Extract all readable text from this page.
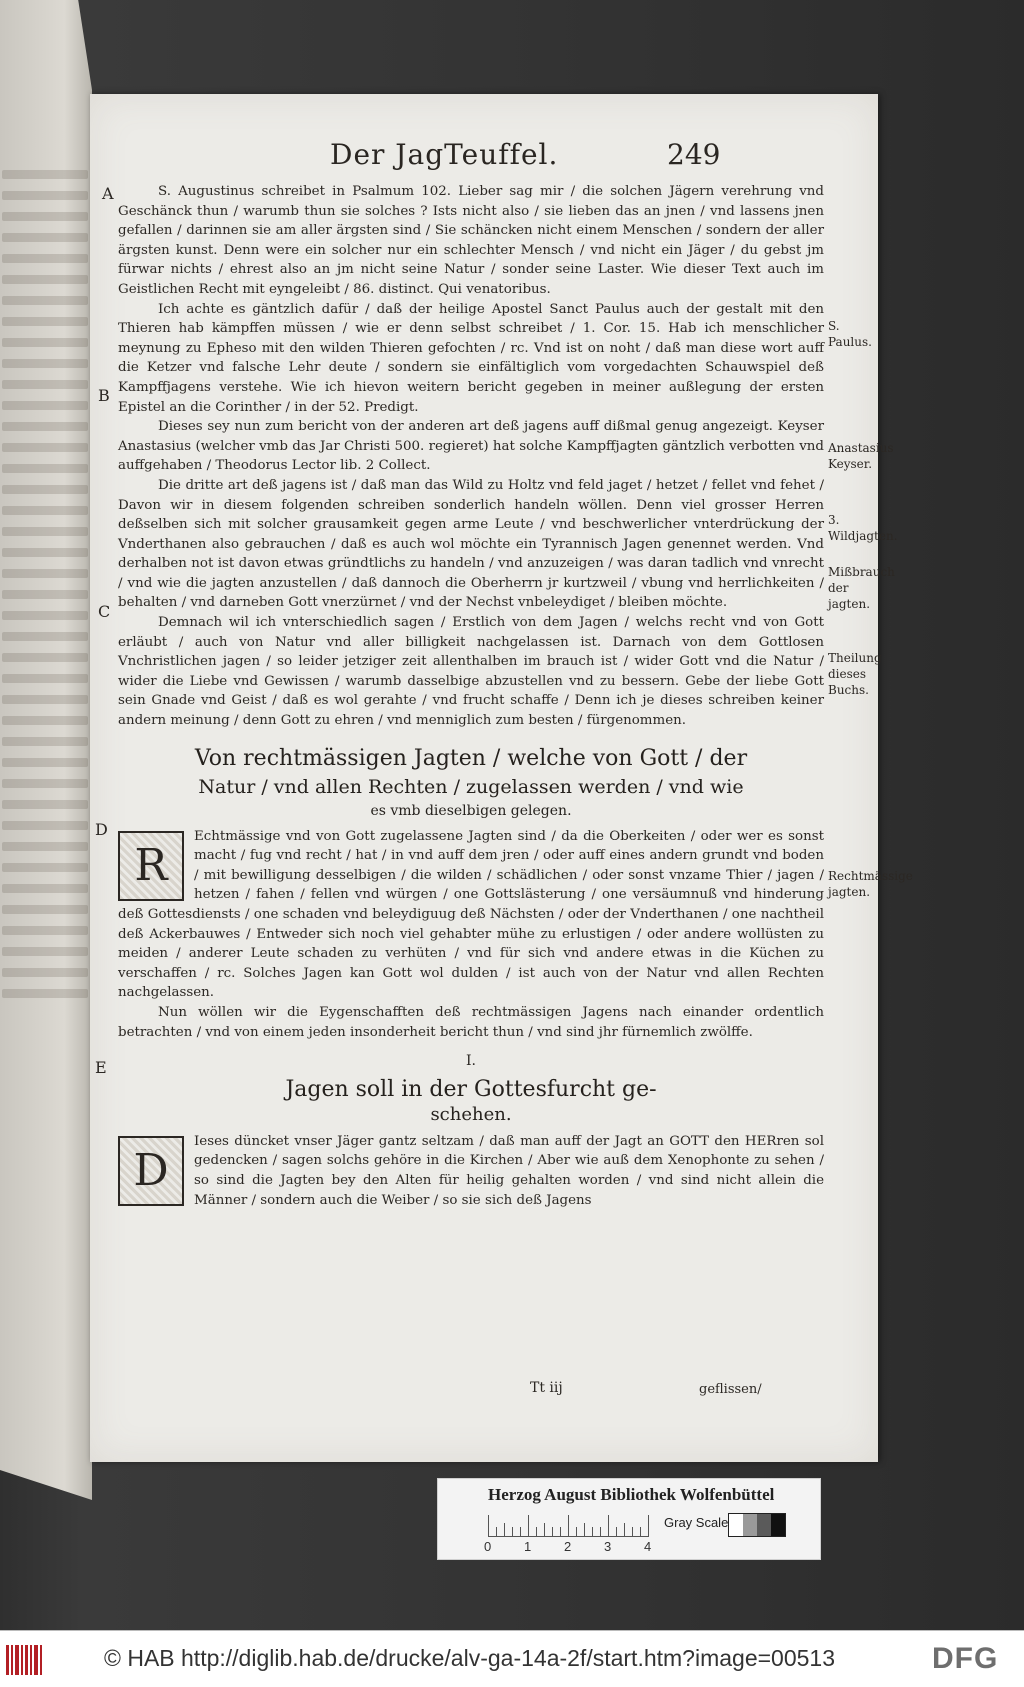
Der JagTeuffel.	249
A
B
C
D
E
S. Paulus.
Anastasius Keyser.
3. Wildjagten.
Mißbrauch der jagten.
Theilung dieses Buchs.
Rechtmässige jagten.

S. Augustinus schreibet in Psalmum 102. Lieber sag mir / die solchen Jägern verehrung vnd Geschänck thun / warumb thun sie solches ? Ists nicht also / sie lieben das an jnen / vnd lassens jnen gefallen / darinnen sie am aller ärgsten sind / Sie schäncken nicht einem Menschen / sondern der aller ärgsten kunst. Denn were ein solcher nur ein schlechter Mensch / vnd nicht ein Jäger / du gebst jm fürwar nichts / ehrest also an jm nicht seine Natur / sonder seine Laster. Wie dieser Text auch im Geistlichen Recht mit eyngeleibt / 86. distinct. Qui venatoribus.

Ich achte es gäntzlich dafür / daß der heilige Apostel Sanct Paulus auch der gestalt mit den Thieren hab kämpffen müssen / wie er denn selbst schreibet / 1. Cor. 15. Hab ich menschlicher meynung zu Epheso mit den wilden Thieren gefochten / rc. Vnd ist on noht / daß man diese wort auff die Ketzer vnd falsche Lehr deute / sondern sie einfältiglich vom vorgedachten Schauwspiel deß Kampffjagens verstehe. Wie ich hievon weitern bericht gegeben in meiner außlegung der ersten Epistel an die Corinther / in der 52. Predigt.

Dieses sey nun zum bericht von der anderen art deß jagens auff dißmal genug angezeigt. Keyser Anastasius (welcher vmb das Jar Christi 500. regieret) hat solche Kampffjagten gäntzlich verbotten vnd auffgehaben / Theodorus Lector lib. 2 Collect.

Die dritte art deß jagens ist / daß man das Wild zu Holtz vnd feld jaget / hetzet / fellet vnd fehet / Davon wir in diesem folgenden schreiben sonderlich handeln wöllen. Denn viel grosser Herren deßselben sich mit solcher grausamkeit gegen arme Leute / vnd beschwerlicher vnterdrückung der Vnderthanen also gebrauchen / daß es auch wol möchte ein Tyrannisch Jagen genennet werden. Vnd derhalben not ist davon etwas gründtlichs zu handeln / vnd anzuzeigen / was daran tadlich vnd vnrecht / vnd wie die jagten anzustellen / daß dannoch die Oberherrn jr kurtzweil / vbung vnd herrlichkeiten / behalten / vnd darneben Gott vnerzürnet / vnd der Nechst vnbeleydiget / bleiben möchte.

Demnach wil ich vnterschiedlich sagen / Erstlich von dem Jagen / welchs recht vnd von Gott erläubt / auch von Natur vnd aller billigkeit nachgelassen ist. Darnach von dem Gottlosen Vnchristlichen jagen / so leider jetziger zeit allenthalben im brauch ist / wider Gott vnd die Natur / wider die Liebe vnd Gewissen / warumb dasselbige abzustellen vnd zu bessern. Gebe der liebe Gott sein Gnade vnd Geist / daß es wol gerahte / vnd frucht schaffe / Denn ich je dieses schreiben keiner andern meinung / denn Gott zu ehren / vnd menniglich zum besten / fürgenommen.

Von rechtmässigen Jagten / welche von Gott / der
Natur / vnd allen Rechten / zugelassen werden / vnd wie
es vmb dieselbigen gelegen.

R
Echtmässige vnd von Gott zugelassene Jagten sind / da die Oberkeiten / oder wer es sonst macht / fug vnd recht / hat / in vnd auff dem jren / oder auff eines andern grundt vnd boden / mit bewilligung desselbigen / die wilden / schädlichen / oder sonst vnzame Thier / jagen / hetzen / fahen / fellen vnd würgen / one Gottslästerung / one versäumnuß vnd hinderung deß Gottesdiensts / one schaden vnd beleydiguug deß Nächsten / oder der Vnderthanen / one nachtheil deß Ackerbauwes / Entweder sich noch viel gehabter mühe zu erlustigen / oder andere wollüsten zu meiden / anderer Leute schaden zu verhüten / vnd für sich vnd andere etwas in die Küchen zu verschaffen / rc. Solches Jagen kan Gott wol dulden / ist auch von der Natur vnd allen Rechten nachgelassen.

Nun wöllen wir die Eygenschafften deß rechtmässigen Jagens nach einander ordentlich betrachten / vnd von einem jeden insonderheit bericht thun / vnd sind jhr fürnemlich zwölffe.

I.
Jagen soll in der Gottesfurcht ge-
schehen.

D
Ieses düncket vnser Jäger gantz seltzam / daß man auff der Jagt an GOTT den HERren sol gedencken / sagen solchs gehöre in die Kirchen / Aber wie auß dem Xenophonte zu sehen / so sind die Jagten bey den Alten für heilig gehalten worden / vnd sind nicht allein die Männer / sondern auch die Weiber / so sie sich deß Jagens

Tt iij	geflissen/
Herzog August Bibliothek Wolfenbüttel
0	1	2	3	4
Gray Scale
© HAB http://diglib.hab.de/drucke/alv-ga-14a-2f/start.htm?image=00513	DFG
